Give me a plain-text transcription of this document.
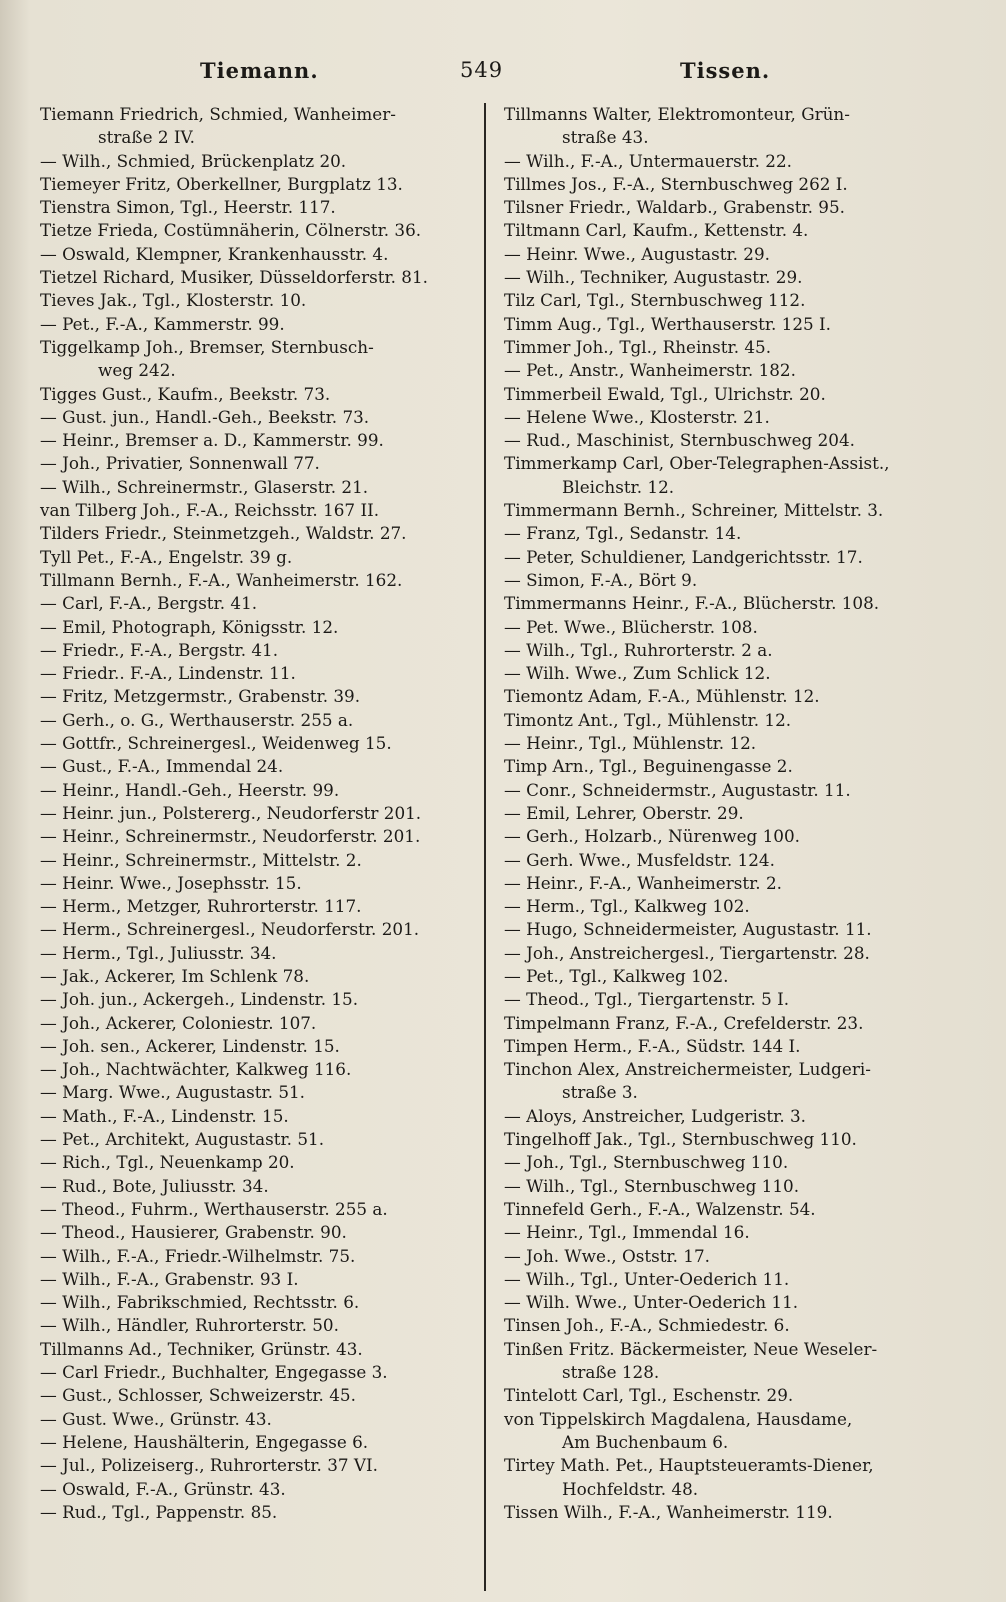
Tiemann.	549	Tissen.
Tiemann Friedrich, Schmied, Wanheimer-
straße 2 IV.
— Wilh., Schmied, Brückenplatz 20.
Tiemeyer Fritz, Oberkellner, Burgplatz 13.
Tienstra Simon, Tgl., Heerstr. 117.
Tietze Frieda, Costümnäherin, Cölnerstr. 36.
— Oswald, Klempner, Krankenhausstr. 4.
Tietzel Richard, Musiker, Düsseldorferstr. 81.
Tieves Jak., Tgl., Klosterstr. 10.
— Pet., F.-A., Kammerstr. 99.
Tiggelkamp Joh., Bremser, Sternbusch-
weg 242.
Tigges Gust., Kaufm., Beekstr. 73.
— Gust. jun., Handl.-Geh., Beekstr. 73.
— Heinr., Bremser a. D., Kammerstr. 99.
— Joh., Privatier, Sonnenwall 77.
— Wilh., Schreinermstr., Glaserstr. 21.
van Tilberg Joh., F.-A., Reichsstr. 167 II.
Tilders Friedr., Steinmetzgeh., Waldstr. 27.
Tyll Pet., F.-A., Engelstr. 39 g.
Tillmann Bernh., F.-A., Wanheimerstr. 162.
— Carl, F.-A., Bergstr. 41.
— Emil, Photograph, Königsstr. 12.
— Friedr., F.-A., Bergstr. 41.
— Friedr.. F.-A., Lindenstr. 11.
— Fritz, Metzgermstr., Grabenstr. 39.
— Gerh., o. G., Werthauserstr. 255 a.
— Gottfr., Schreinergesl., Weidenweg 15.
— Gust., F.-A., Immendal 24.
— Heinr., Handl.-Geh., Heerstr. 99.
— Heinr. jun., Polstererg., Neudorferstr 201.
— Heinr., Schreinermstr., Neudorferstr. 201.
— Heinr., Schreinermstr., Mittelstr. 2.
— Heinr. Wwe., Josephsstr. 15.
— Herm., Metzger, Ruhrorterstr. 117.
— Herm., Schreinergesl., Neudorferstr. 201.
— Herm., Tgl., Juliusstr. 34.
— Jak., Ackerer, Im Schlenk 78.
— Joh. jun., Ackergeh., Lindenstr. 15.
— Joh., Ackerer, Coloniestr. 107.
— Joh. sen., Ackerer, Lindenstr. 15.
— Joh., Nachtwächter, Kalkweg 116.
— Marg. Wwe., Augustastr. 51.
— Math., F.-A., Lindenstr. 15.
— Pet., Architekt, Augustastr. 51.
— Rich., Tgl., Neuenkamp 20.
— Rud., Bote, Juliusstr. 34.
— Theod., Fuhrm., Werthauserstr. 255 a.
— Theod., Hausierer, Grabenstr. 90.
— Wilh., F.-A., Friedr.-Wilhelmstr. 75.
— Wilh., F.-A., Grabenstr. 93 I.
— Wilh., Fabrikschmied, Rechtsstr. 6.
— Wilh., Händler, Ruhrorterstr. 50.
Tillmanns Ad., Techniker, Grünstr. 43.
— Carl Friedr., Buchhalter, Engegasse 3.
— Gust., Schlosser, Schweizerstr. 45.
— Gust. Wwe., Grünstr. 43.
— Helene, Haushälterin, Engegasse 6.
— Jul., Polizeiserg., Ruhrorterstr. 37 VI.
— Oswald, F.-A., Grünstr. 43.
— Rud., Tgl., Pappenstr. 85.
Tillmanns Walter, Elektromonteur, Grün-
straße 43.
— Wilh., F.-A., Untermauerstr. 22.
Tillmes Jos., F.-A., Sternbuschweg 262 I.
Tilsner Friedr., Waldarb., Grabenstr. 95.
Tiltmann Carl, Kaufm., Kettenstr. 4.
— Heinr. Wwe., Augustastr. 29.
— Wilh., Techniker, Augustastr. 29.
Tilz Carl, Tgl., Sternbuschweg 112.
Timm Aug., Tgl., Werthauserstr. 125 I.
Timmer Joh., Tgl., Rheinstr. 45.
— Pet., Anstr., Wanheimerstr. 182.
Timmerbeil Ewald, Tgl., Ulrichstr. 20.
— Helene Wwe., Klosterstr. 21.
— Rud., Maschinist, Sternbuschweg 204.
Timmerkamp Carl, Ober-Telegraphen-Assist.,
Bleichstr. 12.
Timmermann Bernh., Schreiner, Mittelstr. 3.
— Franz, Tgl., Sedanstr. 14.
— Peter, Schuldiener, Landgerichtsstr. 17.
— Simon, F.-A., Bört 9.
Timmermanns Heinr., F.-A., Blücherstr. 108.
— Pet. Wwe., Blücherstr. 108.
— Wilh., Tgl., Ruhrorterstr. 2 a.
— Wilh. Wwe., Zum Schlick 12.
Tiemontz Adam, F.-A., Mühlenstr. 12.
Timontz Ant., Tgl., Mühlenstr. 12.
— Heinr., Tgl., Mühlenstr. 12.
Timp Arn., Tgl., Beguinengasse 2.
— Conr., Schneidermstr., Augustastr. 11.
— Emil, Lehrer, Oberstr. 29.
— Gerh., Holzarb., Nürenweg 100.
— Gerh. Wwe., Musfeldstr. 124.
— Heinr., F.-A., Wanheimerstr. 2.
— Herm., Tgl., Kalkweg 102.
— Hugo, Schneidermeister, Augustastr. 11.
— Joh., Anstreichergesl., Tiergartenstr. 28.
— Pet., Tgl., Kalkweg 102.
— Theod., Tgl., Tiergartenstr. 5 I.
Timpelmann Franz, F.-A., Crefelderstr. 23.
Timpen Herm., F.-A., Südstr. 144 I.
Tinchon Alex, Anstreichermeister, Ludgeri-
straße 3.
— Aloys, Anstreicher, Ludgeristr. 3.
Tingelhoff Jak., Tgl., Sternbuschweg 110.
— Joh., Tgl., Sternbuschweg 110.
— Wilh., Tgl., Sternbuschweg 110.
Tinnefeld Gerh., F.-A., Walzenstr. 54.
— Heinr., Tgl., Immendal 16.
— Joh. Wwe., Oststr. 17.
— Wilh., Tgl., Unter-Oederich 11.
— Wilh. Wwe., Unter-Oederich 11.
Tinsen Joh., F.-A., Schmiedestr. 6.
Tinßen Fritz. Bäckermeister, Neue Weseler-
straße 128.
Tintelott Carl, Tgl., Eschenstr. 29.
von Tippelskirch Magdalena, Hausdame,
Am Buchenbaum 6.
Tirtey Math. Pet., Hauptsteueramts-Diener,
Hochfeldstr. 48.
Tissen Wilh., F.-A., Wanheimerstr. 119.
